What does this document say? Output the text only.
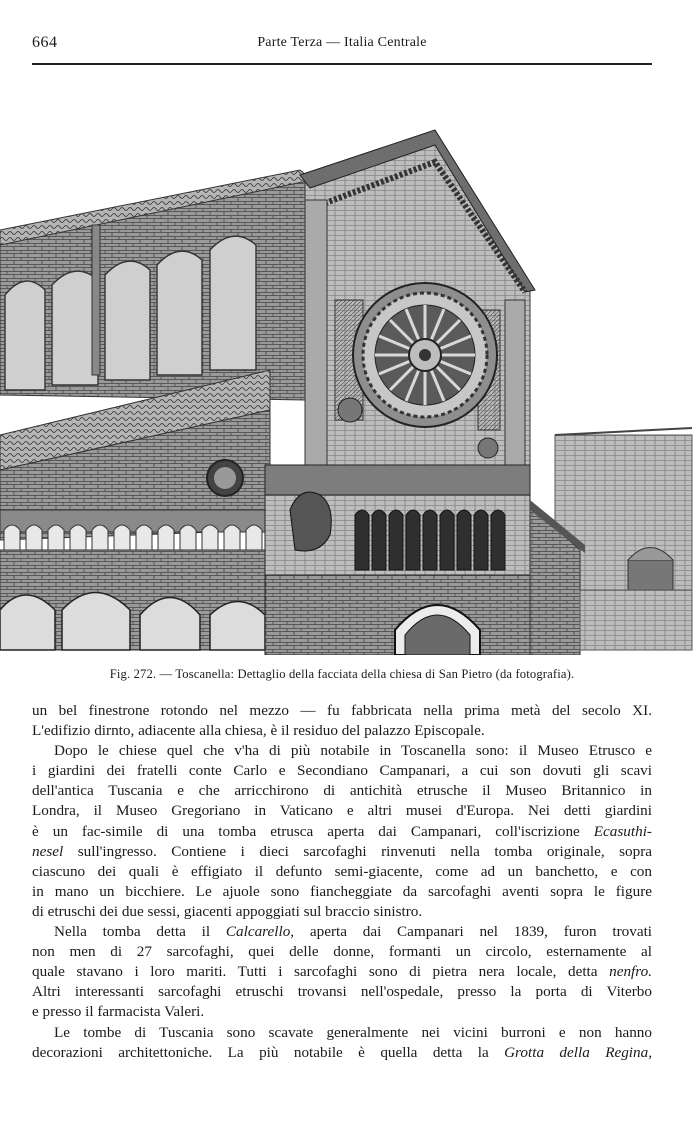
664	Parte Terza — Italia Centrale
Fig. 272. — Toscanella: Dettaglio della facciata della chiesa di San Pietro (da fotografia).
un bel finestrone rotondo nel mezzo — fu fabbricata nella prima metà del secolo XI.
L'edifizio dirnto, adiacente alla chiesa, è il residuo del palazzo Episcopale.
Dopo le chiese quel che v'ha di più notabile in Toscanella sono: il Museo Etrusco e
i giardini dei fratelli conte Carlo e Secondiano Campanari, a cui son dovuti gli scavi
dell'antica Tuscania e che arricchirono di antichità etrusche il Museo Britannico in
Londra, il Museo Gregoriano in Vaticano e altri musei d'Europa. Nei detti giardini
è un fac-simile di una tomba etrusca aperta dai Campanari, coll'iscrizione Ecasuthi-
nesel sull'ingresso. Contiene i dieci sarcofaghi rinvenuti nella tomba originale, sopra
ciascuno dei quali è effigiato il defunto semi-giacente, come ad un banchetto, e con
in mano un bicchiere. Le ajuole sono fiancheggiate da sarcofaghi aventi sopra le figure
di etruschi dei due sessi, giacenti appoggiati sul braccio sinistro.
Nella tomba detta il Calcarello, aperta dai Campanari nel 1839, furon trovati
non men di 27 sarcofaghi, quei delle donne, formanti un circolo, esternamente al
quale stavano i loro mariti. Tutti i sarcofaghi sono di pietra nera locale, detta nenfro.
Altri interessanti sarcofaghi etruschi trovansi nell'ospedale, presso la porta di Viterbo
e presso il farmacista Valeri.
Le tombe di Tuscania sono scavate generalmente nei vicini burroni e non hanno
decorazioni architettoniche. La più notabile è quella detta la Grotta della Regina,
